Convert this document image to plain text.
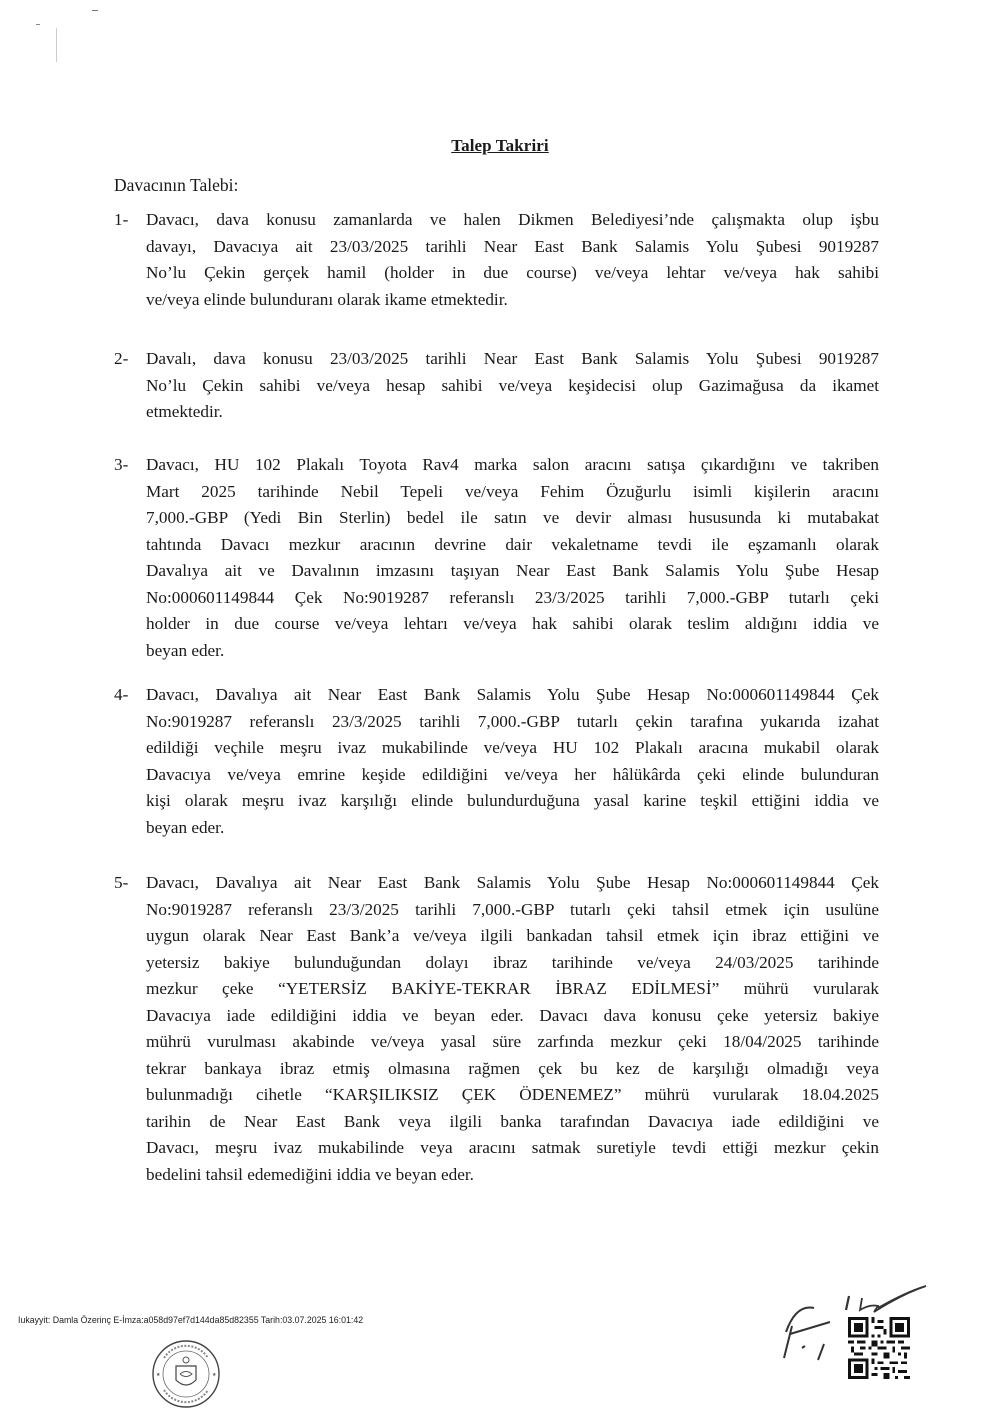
Talep Takriri
Davacının Talebi:
1-	Davacı, dava konusu zamanlarda ve halen Dikmen Belediyesi’nde çalışmakta olup işbu
davayı, Davacıya ait 23/03/2025 tarihli Near East Bank Salamis Yolu Şubesi 9019287
No’lu Çekin gerçek hamil (holder in due course) ve/veya lehtar ve/veya hak sahibi
ve/veya elinde bulunduranı olarak ikame etmektedir.
2-	Davalı, dava konusu 23/03/2025 tarihli Near East Bank Salamis Yolu Şubesi 9019287
No’lu Çekin sahibi ve/veya hesap sahibi ve/veya keşidecisi olup Gazimağusa da ikamet
etmektedir.
3-	Davacı, HU 102 Plakalı Toyota Rav4 marka salon aracını satışa çıkardığını ve takriben
Mart 2025 tarihinde Nebil Tepeli ve/veya Fehim Özuğurlu isimli kişilerin aracını
7,000.-GBP (Yedi Bin Sterlin) bedel ile satın ve devir alması hususunda ki mutabakat
tahtında Davacı mezkur aracının devrine dair vekaletname tevdi ile eşzamanlı olarak
Davalıya ait ve Davalının imzasını taşıyan Near East Bank Salamis Yolu Şube Hesap
No:000601149844 Çek No:9019287 referanslı 23/3/2025 tarihli 7,000.-GBP tutarlı çeki
holder in due course ve/veya lehtarı ve/veya hak sahibi olarak teslim aldığını iddia ve
beyan eder.
4-	Davacı, Davalıya ait Near East Bank Salamis Yolu Şube Hesap No:000601149844 Çek
No:9019287 referanslı 23/3/2025 tarihli 7,000.-GBP tutarlı çekin tarafına yukarıda izahat
edildiği veçhile meşru ivaz mukabilinde ve/veya HU 102 Plakalı aracına mukabil olarak
Davacıya ve/veya emrine keşide edildiğini ve/veya her hâlükârda çeki elinde bulunduran
kişi olarak meşru ivaz karşılığı elinde bulundurduğuna yasal karine teşkil ettiğini iddia ve
beyan eder.
5-	Davacı, Davalıya ait Near East Bank Salamis Yolu Şube Hesap No:000601149844 Çek
No:9019287 referanslı 23/3/2025 tarihli 7,000.-GBP tutarlı çeki tahsil etmek için usulüne
uygun olarak Near East Bank’a ve/veya ilgili bankadan tahsil etmek için ibraz ettiğini ve
yetersiz bakiye bulunduğundan dolayı ibraz tarihinde ve/veya 24/03/2025 tarihinde
mezkur çeke “YETERSİZ BAKİYE-TEKRAR İBRAZ EDİLMESİ” mührü vurularak
Davacıya iade edildiğini iddia ve beyan eder. Davacı dava konusu çeke yetersiz bakiye
mührü vurulması akabinde ve/veya yasal süre zarfında mezkur çeki 18/04/2025 tarihinde
tekrar bankaya ibraz etmiş olmasına rağmen çek bu kez de karşılığı olmadığı veya
bulunmadığı cihetle “KARŞILIKSIZ ÇEK ÖDENEMEZ” mührü vurularak 18.04.2025
tarihin de Near East Bank veya ilgili banka tarafından Davacıya iade edildiğini ve
Davacı, meşru ivaz mukabilinde veya aracını satmak suretiyle tevdi ettiği mezkur çekin
bedelini tahsil edemediğini iddia ve beyan eder.
Iukayyit: Damla Özerinç E-İmza:a058d97ef7d144da85d82355 Tarih:03.07.2025 16:01:42
★	★
